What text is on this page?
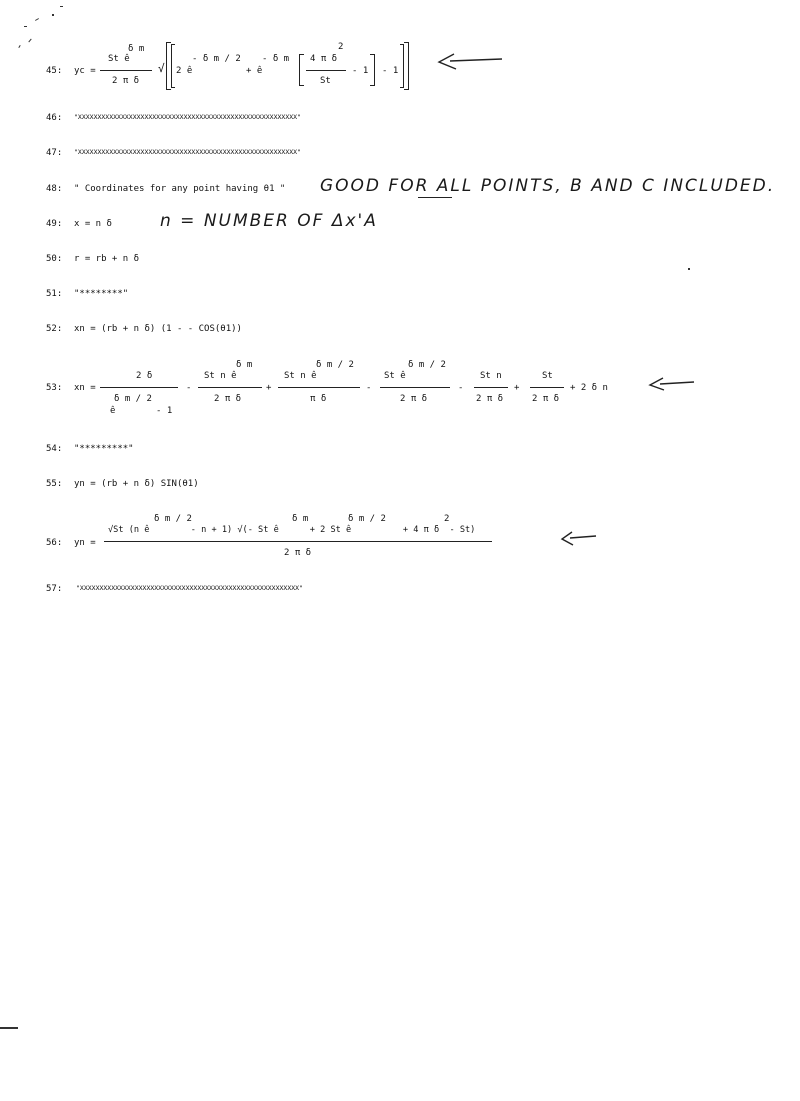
45:	yc =
δ m
St ê
2 π δ
√ 2 ê
- δ m / 2
+ ê
- δ m 4 π δ
2
St
- 1 - 1
46:	"XXXXXXXXXXXXXXXXXXXXXXXXXXXXXXXXXXXXXXXXXXXXXXXXXXXXXXXX"
47:	"XXXXXXXXXXXXXXXXXXXXXXXXXXXXXXXXXXXXXXXXXXXXXXXXXXXXXXXX"
48:	" Coordinates for any point having θ1 " GOOD FOR ALL POINTS, B AND C INCLUDED.
49:	x = n δ	n = NUMBER OF Δx'A
50:	r = rb + n δ
51:	"********"
52:	xn = (rb + n δ) (1 - - COS(θ1))
53:	xn =
2 δ
δ m / 2
ê	- 1
-
δ m
St n ê
2 π δ
+
δ m / 2
St n ê
π δ
-
δ m / 2
St ê
2 π δ
-
St n
2 π δ
+
St
2 π δ
+ 2 δ n
54:	"*********"
55:	yn = (rb + n δ) SIN(θ1)
56:	yn =
δ m / 2	δ m	δ m / 2	2
√St (n ê        - n + 1) √(- St ê      + 2 St ê          + 4 π δ  - St)
2 π δ
57:	"XXXXXXXXXXXXXXXXXXXXXXXXXXXXXXXXXXXXXXXXXXXXXXXXXXXXXXXX"
